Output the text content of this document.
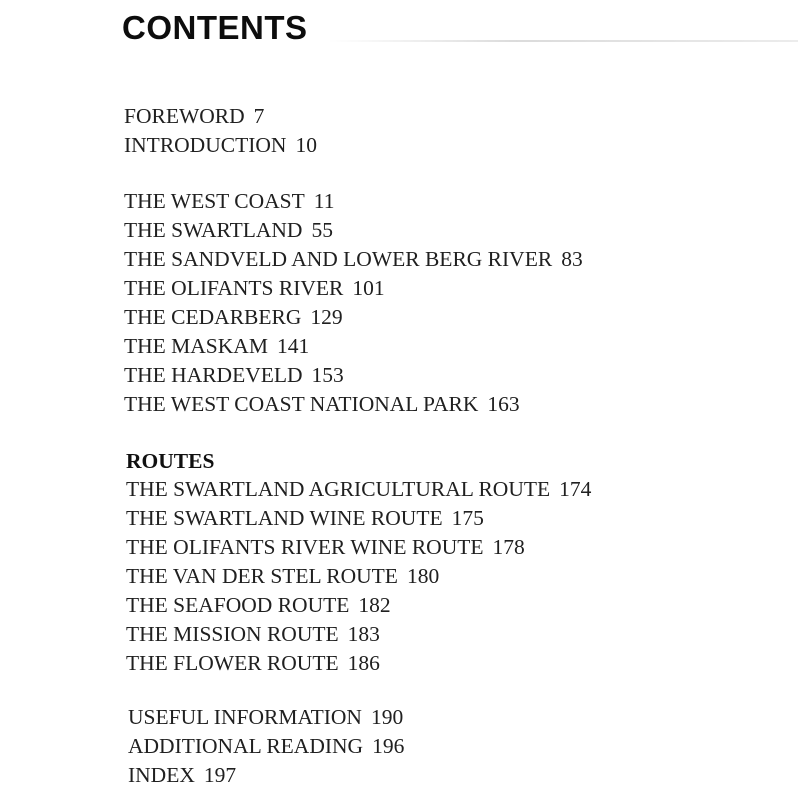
CONTENTS
FOREWORD 7
INTRODUCTION 10
THE WEST COAST 11
THE SWARTLAND 55
THE SANDVELD AND LOWER BERG RIVER 83
THE OLIFANTS RIVER 101
THE CEDARBERG 129
THE MASKAM 141
THE HARDEVELD 153
THE WEST COAST NATIONAL PARK 163
ROUTES
THE SWARTLAND AGRICULTURAL ROUTE 174
THE SWARTLAND WINE ROUTE 175
THE OLIFANTS RIVER WINE ROUTE 178
THE VAN DER STEL ROUTE 180
THE SEAFOOD ROUTE 182
THE MISSION ROUTE 183
THE FLOWER ROUTE 186
USEFUL INFORMATION 190
ADDITIONAL READING 196
INDEX 197
